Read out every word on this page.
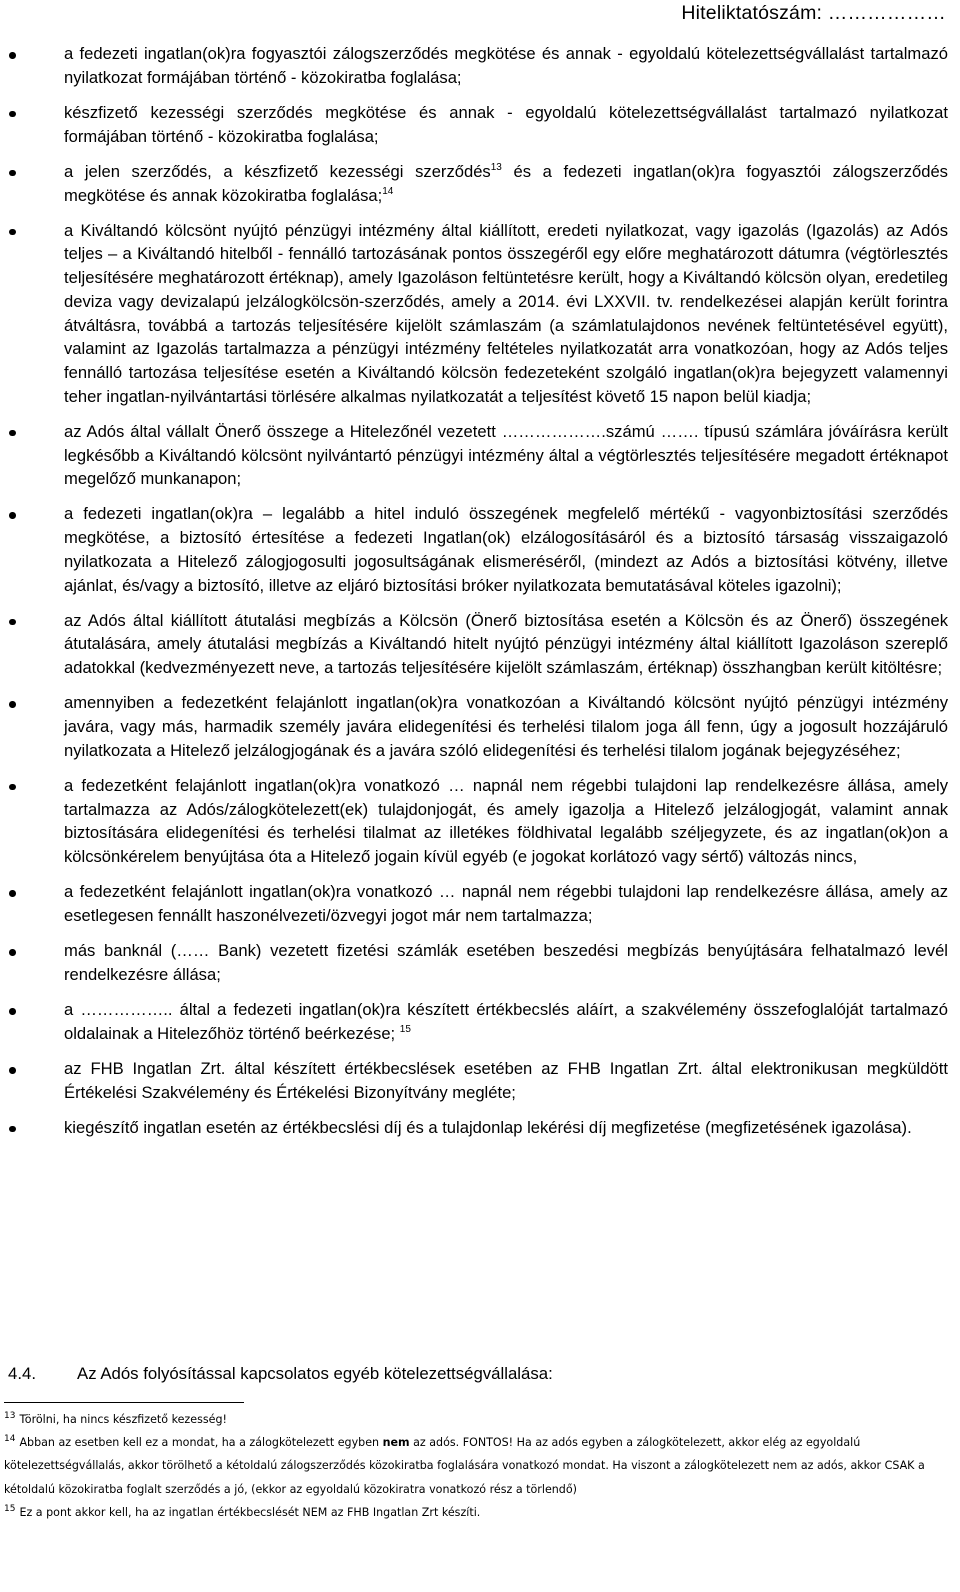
Hiteliktatószám: ………………
a fedezeti ingatlan(ok)ra fogyasztói zálogszerződés megkötése és annak - egyoldalú kötelezettségvállalást tartalmazó nyilatkozat formájában történő - közokiratba foglalása;
készfizető kezességi szerződés megkötése és annak - egyoldalú kötelezettségvállalást tartalmazó nyilatkozat formájában történő - közokiratba foglalása;
a jelen szerződés, a készfizető kezességi szerződés$^{13}$ és a fedezeti ingatlan(ok)ra fogyasztói zálogszerződés megkötése és annak közokiratba foglalása;$^{14}$
a Kiváltandó kölcsönt nyújtó pénzügyi intézmény által kiállított, eredeti nyilatkozat, vagy igazolás (Igazolás) az Adós teljes – a Kiváltandó hitelből - fennálló tartozásának pontos összegéről egy előre meghatározott dátumra (végtörlesztés teljesítésére meghatározott értéknap), amely Igazoláson feltüntetésre került, hogy a Kiváltandó kölcsön olyan, eredetileg deviza vagy devizalapú jelzálogkölcsön-szerződés, amely a 2014. évi LXXVII. tv. rendelkezései alapján került forintra átváltásra, továbbá a tartozás teljesítésére kijelölt számlaszám (a számlatulajdonos nevének feltüntetésével együtt), valamint az Igazolás tartalmazza a pénzügyi intézmény feltételes nyilatkozatát arra vonatkozóan, hogy az Adós teljes fennálló tartozása teljesítése esetén a Kiváltandó kölcsön fedezeteként szolgáló ingatlan(ok)ra bejegyzett valamennyi teher ingatlan-nyilvántartási törlésére alkalmas nyilatkozatát a teljesítést követő 15 napon belül kiadja;
az Adós által vállalt Önerő összege a Hitelezőnél vezetett ……………….számú ……. típusú számlára jóváírásra került legkésőbb a Kiváltandó kölcsönt nyilvántartó pénzügyi intézmény által a végtörlesztés teljesítésére megadott értéknapot megelőző munkanapon;
a fedezeti ingatlan(ok)ra – legalább a hitel induló összegének megfelelő mértékű - vagyonbiztosítási szerződés megkötése, a biztosító értesítése a fedezeti Ingatlan(ok) elzálogosításáról és a biztosító társaság visszaigazoló nyilatkozata a Hitelező zálogjogosulti jogosultságának elismeréséről, (mindezt az Adós a biztosítási kötvény, illetve ajánlat, és/vagy a biztosító, illetve az eljáró biztosítási bróker nyilatkozata bemutatásával köteles igazolni);
az Adós által kiállított átutalási megbízás a Kölcsön (Önerő biztosítása esetén a Kölcsön és az Önerő) összegének átutalására, amely átutalási megbízás a Kiváltandó hitelt nyújtó pénzügyi intézmény által kiállított Igazoláson szereplő adatokkal (kedvezményezett neve, a tartozás teljesítésére kijelölt számlaszám, értéknap) összhangban került kitöltésre;
amennyiben a fedezetként felajánlott ingatlan(ok)ra vonatkozóan a Kiváltandó kölcsönt nyújtó pénzügyi intézmény javára, vagy más, harmadik személy javára elidegenítési és terhelési tilalom joga áll fenn, úgy a jogosult hozzájáruló nyilatkozata a Hitelező jelzálogjogának és a javára szóló elidegenítési és terhelési tilalom jogának bejegyzéséhez;
a fedezetként felajánlott ingatlan(ok)ra vonatkozó … napnál nem régebbi tulajdoni lap rendelkezésre állása, amely tartalmazza az Adós/zálogkötelezett(ek) tulajdonjogát, és amely igazolja a Hitelező jelzálogjogát, valamint annak biztosítására elidegenítési és terhelési tilalmat az illetékes földhivatal legalább széljegyzete, és az ingatlan(ok)on a kölcsönkérelem benyújtása óta a Hitelező jogain kívül egyéb (e jogokat korlátozó vagy sértő) változás nincs,
a fedezetként felajánlott ingatlan(ok)ra vonatkozó … napnál nem régebbi tulajdoni lap rendelkezésre állása, amely az esetlegesen fennállt haszonélvezeti/özvegyi jogot már nem tartalmazza;
más banknál (…… Bank) vezetett fizetési számlák esetében beszedési megbízás benyújtására felhatalmazó levél rendelkezésre állása;
a …………….. által a fedezeti ingatlan(ok)ra készített értékbecslés aláírt, a szakvélemény összefoglalóját tartalmazó oldalainak a Hitelezőhöz történő beérkezése; $^{15}$
az FHB Ingatlan Zrt. által készített értékbecslések esetében az FHB Ingatlan Zrt. által elektronikusan megküldött Értékelési Szakvélemény és Értékelési Bizonyítvány megléte;
kiegészítő ingatlan esetén az értékbecslési díj és a tulajdonlap lekérési díj megfizetése (megfizetésének igazolása).
4.4. Az Adós folyósítással kapcsolatos egyéb kötelezettségvállalása:

$^{13}$ Törölni, ha nincs készfizető kezesség!

$^{14}$ Abban az esetben kell ez a mondat, ha a zálogkötelezett egyben nem az adós. FONTOS! Ha az adós egyben a zálogkötelezett, akkor elég az egyoldalú kötelezettségvállalás, akkor törölhető a kétoldalú zálogszerződés közokiratba foglalására vonatkozó mondat. Ha viszont a zálogkötelezett nem az adós, akkor CSAK a kétoldalú közokiratba foglalt szerződés a jó, (ekkor az egyoldalú közokiratra vonatkozó rész a törlendő)

$^{15}$ Ez a pont akkor kell, ha az ingatlan értékbecslését NEM az FHB Ingatlan Zrt készíti.
